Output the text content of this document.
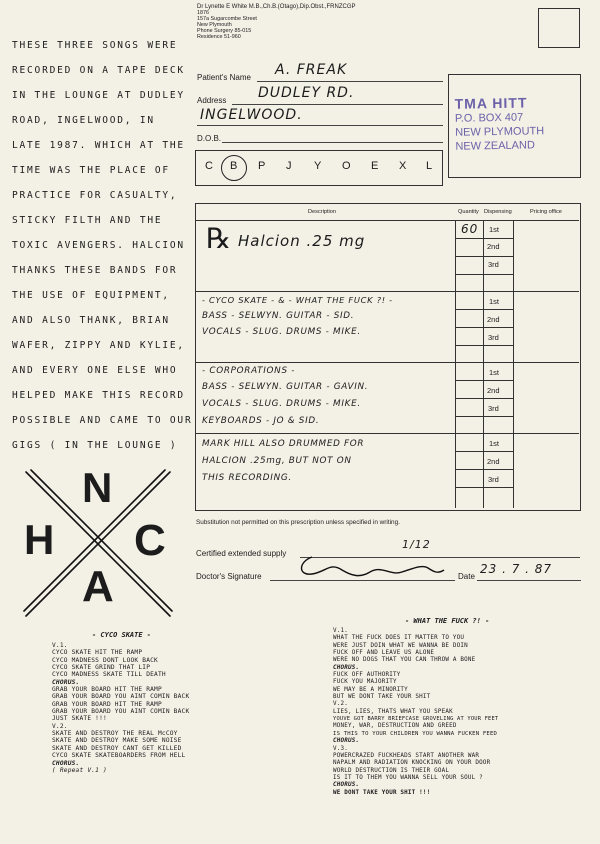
THESE THREE SONGS WERE
RECORDED ON A TAPE DECK
IN THE LOUNGE AT DUDLEY
ROAD, INGELWOOD, IN
LATE 1987. WHICH AT THE
TIME WAS THE PLACE OF
PRACTICE FOR CASUALTY,
STICKY FILTH AND THE
TOXIC AVENGERS. HALCION
THANKS THESE BANDS FOR
THE USE OF EQUIPMENT,
AND ALSO THANK, BRIAN
WAFER, ZIPPY AND KYLIE,
AND EVERY ONE ELSE WHO
HELPED MAKE THIS RECORD
POSSIBLE AND CAME TO OUR
GIGS ( IN THE LOUNGE )
N
H C
A
Dr Lynette E White M.B.,Ch.B.(Otago),Dip.Obst.,FRNZCGP
1876
157a Sugarcombe Street
New Plymouth
Phone Surgery 85-015
Residence 51-960
TMA HITT
P.O. BOX 407
NEW PLYMOUTH
NEW ZEALAND
Patient's Name A. FREAK
Address DUDLEY RD.
INGELWOOD.
D.O.B.
C B P J Y O E X L
Description	Quantity Dispensing	Pricing office
℞ Halcion .25 mg
60 1st
2nd
3rd
- CYCO SKATE - & - WHAT THE FUCK ?! -
BASS - SELWYN. GUITAR - SID.
VOCALS - SLUG. DRUMS - MIKE.
1st
2nd
3rd
- CORPORATIONS -
BASS - SELWYN. GUITAR - GAVIN.
VOCALS - SLUG. DRUMS - MIKE.
KEYBOARDS - JO & SID.
1st
2nd
3rd
MARK HILL ALSO DRUMMED FOR
HALCION .25mg, BUT NOT ON
THIS RECORDING.
1st
2nd
3rd
Substitution not permitted on this prescription unless specified in writing.
Certified extended supply
1/12
Doctor's Signature	Date
23 . 7 . 87
- CYCO SKATE -
V.1.
CYCO SKATE HIT THE RAMP
CYCO MADNESS DONT LOOK BACK
CYCO SKATE GRIND THAT LIP
CYCO MADNESS SKATE TILL DEATH
CHORUS.
GRAB YOUR BOARD HIT THE RAMP
GRAB YOUR BOARD YOU AINT COMIN BACK
GRAB YOUR BOARD HIT THE RAMP
GRAB YOUR BOARD YOU AINT COMIN BACK
JUST SKATE !!!
V.2.
SKATE AND DESTROY THE REAL McCOY
SKATE AND DESTROY MAKE SOME NOISE
SKATE AND DESTROY CANT GET KILLED
CYCO SKATE SKATEBOARDERS FROM HELL
CHORUS.
( Repeat V.1 )
- WHAT THE FUCK ?! -
V.1.
WHAT THE FUCK DOES IT MATTER TO YOU
WERE JUST DOIN WHAT WE WANNA BE DOIN
FUCK OFF AND LEAVE US ALONE
WERE NO DOGS THAT YOU CAN THROW A BONE
CHORUS.
FUCK OFF AUTHORITY
FUCK YOU MAJORITY
WE MAY BE A MINORITY
BUT WE DONT TAKE YOUR SHIT
V.2.
LIES, LIES, THATS WHAT YOU SPEAK
YOUVE GOT BARRY BRIEFCASE GROVELING AT YOUR FEET
MONEY, WAR, DESTRUCTION AND GREED
IS THIS TO YOUR CHILDREN YOU WANNA FUCKEN FEED
CHORUS.
V.3.
POWERCRAZED FUCKHEADS START ANOTHER WAR
NAPALM AND RADIATION KNOCKING ON YOUR DOOR
WORLD DESTRUCTION IS THEIR GOAL
IS IT TO THEM YOU WANNA SELL YOUR SOUL ?
CHORUS.
WE DONT TAKE YOUR SHIT !!!
